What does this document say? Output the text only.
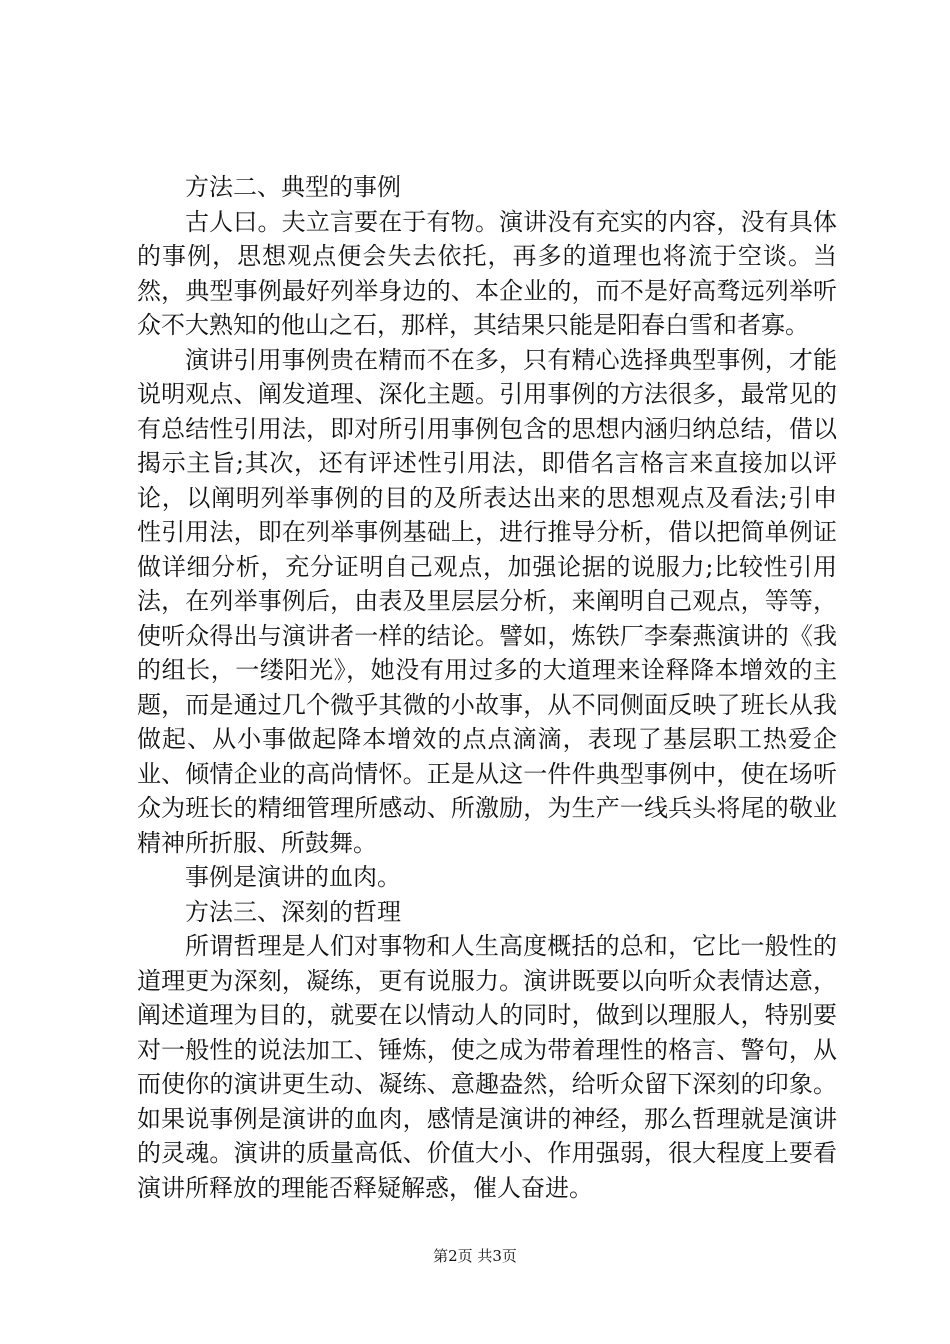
方法二、典型的事例

古人曰。夫立言要在于有物。演讲没有充实的内容，没有具体的事例，思想观点便会失去依托，再多的道理也将流于空谈。当然，典型事例最好列举身边的、本企业的，而不是好高骛远列举听众不大熟知的他山之石，那样，其结果只能是阳春白雪和者寡。

演讲引用事例贵在精而不在多，只有精心选择典型事例，才能说明观点、阐发道理、深化主题。引用事例的方法很多，最常见的有总结性引用法，即对所引用事例包含的思想内涵归纳总结，借以揭示主旨;其次，还有评述性引用法，即借名言格言来直接加以评论，以阐明列举事例的目的及所表达出来的思想观点及看法;引申性引用法，即在列举事例基础上，进行推导分析，借以把简单例证做详细分析，充分证明自己观点，加强论据的说服力;比较性引用法，在列举事例后，由表及里层层分析，来阐明自己观点，等等，使听众得出与演讲者一样的结论。譬如，炼铁厂李秦燕演讲的《我的组长，一缕阳光》，她没有用过多的大道理来诠释降本增效的主题，而是通过几个微乎其微的小故事，从不同侧面反映了班长从我做起、从小事做起降本增效的点点滴滴，表现了基层职工热爱企业、倾情企业的高尚情怀。正是从这一件件典型事例中，使在场听众为班长的精细管理所感动、所激励，为生产一线兵头将尾的敬业精神所折服、所鼓舞。

事例是演讲的血肉。

方法三、深刻的哲理

所谓哲理是人们对事物和人生高度概括的总和，它比一般性的道理更为深刻，凝练，更有说服力。演讲既要以向听众表情达意，阐述道理为目的，就要在以情动人的同时，做到以理服人，特别要对一般性的说法加工、锤炼，使之成为带着理性的格言、警句，从而使你的演讲更生动、凝练、意趣盎然，给听众留下深刻的印象。如果说事例是演讲的血肉，感情是演讲的神经，那么哲理就是演讲的灵魂。演讲的质量高低、价值大小、作用强弱，很大程度上要看演讲所释放的理能否释疑解惑，催人奋进。

第2页 共3页
